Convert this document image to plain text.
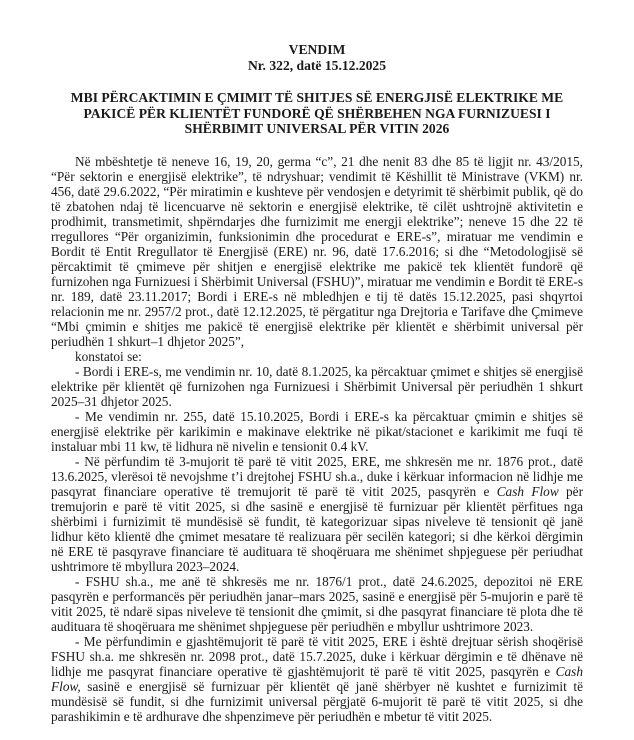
VENDIM
Nr. 322, datë 15.12.2025
MBI PËRCAKTIMIN E ÇMIMIT TË SHITJES SË ENERGJISË ELEKTRIKE ME PAKICË PËR KLIENTËT FUNDORË QË SHËRBEHEN NGA FURNIZUESI I SHËRBIMIT UNIVERSAL PËR VITIN 2026

Në mbështetje të neneve 16, 19, 20, germa “c”, 21 dhe nenit 83 dhe 85 të ligjit nr. 43/2015, “Për sektorin e energjisë elektrike”, të ndryshuar; vendimit të Këshillit të Ministrave (VKM) nr. 456, datë 29.6.2022, “Për miratimin e kushteve për vendosjen e detyrimit të shërbimit publik, që do të zbatohen ndaj të licencuarve në sektorin e energjisë elektrike, të cilët ushtrojnë aktivitetin e prodhimit, transmetimit, shpërndarjes dhe furnizimit me energji elektrike”; neneve 15 dhe 22 të rregullores “Për organizimin, funksionimin dhe procedurat e ERE-s”, miratuar me vendimin e Bordit të Entit Rregullator të Energjisë (ERE) nr. 96, datë 17.6.2016; si dhe “Metodologjisë së përcaktimit të çmimeve për shitjen e energjisë elektrike me pakicë tek klientët fundorë që furnizohen nga Furnizuesi i Shërbimit Universal (FSHU)”, miratuar me vendimin e Bordit të ERE-s nr. 189, datë 23.11.2017; Bordi i ERE-s në mbledhjen e tij të datës 15.12.2025, pasi shqyrtoi relacionin me nr. 2957/2 prot., datë 12.12.2025, të përgatitur nga Drejtoria e Tarifave dhe Çmimeve “Mbi çmimin e shitjes me pakicë të energjisë elektrike për klientët e shërbimit universal për periudhën 1 shkurt–1 dhjetor 2025”,

konstatoi se:

- Bordi i ERE-s, me vendimin nr. 10, datë 8.1.2025, ka përcaktuar çmimet e shitjes së energjisë elektrike për klientët që furnizohen nga Furnizuesi i Shërbimit Universal për periudhën 1 shkurt 2025–31 dhjetor 2025.

- Me vendimin nr. 255, datë 15.10.2025, Bordi i ERE-s ka përcaktuar çmimin e shitjes së energjisë elektrike për karikimin e makinave elektrike në pikat/stacionet e karikimit me fuqi të instaluar mbi 11 kw, të lidhura në nivelin e tensionit 0.4 kV.

- Në përfundim të 3-mujorit të parë të vitit 2025, ERE, me shkresën me nr. 1876 prot., datë 13.6.2025, vlerësoi të nevojshme t’i drejtohej FSHU sh.a., duke i kërkuar informacion në lidhje me pasqyrat financiare operative të tremujorit të parë të vitit 2025, pasqyrën e Cash Flow për tremujorin e parë të vitit 2025, si dhe sasinë e energjisë të furnizuar për klientët përfitues nga shërbimi i furnizimit të mundësisë së fundit, të kategorizuar sipas niveleve të tensionit që janë lidhur këto klientë dhe çmimet mesatare të realizuara për secilën kategori; si dhe kërkoi dërgimin në ERE të pasqyrave financiare të audituara të shoqëruara me shënimet shpjeguese për periudhat ushtrimore të mbyllura 2023–2024.

- FSHU sh.a., me anë të shkresës me nr. 1876/1 prot., datë 24.6.2025, depozitoi në ERE pasqyrën e performancës për periudhën janar–mars 2025, sasinë e energjisë për 5-mujorin e parë të vitit 2025, të ndarë sipas niveleve të tensionit dhe çmimit, si dhe pasqyrat financiare të plota dhe të audituara të shoqëruara me shënimet shpjeguese për periudhën e mbyllur ushtrimore 2023.

- Me përfundimin e gjashtëmujorit të parë të vitit 2025, ERE i është drejtuar sërish shoqërisë FSHU sh.a. me shkresën nr. 2098 prot., datë 15.7.2025, duke i kërkuar dërgimin e të dhënave në lidhje me pasqyrat financiare operative të gjashtëmujorit të parë të vitit 2025, pasqyrën e Cash Flow, sasinë e energjisë së furnizuar për klientët që janë shërbyer në kushtet e furnizimit të mundësisë së fundit, si dhe furnizimit universal përgjatë 6-mujorit të parë të vitit 2025, si dhe parashikimin e të ardhurave dhe shpenzimeve për periudhën e mbetur të vitit 2025.
